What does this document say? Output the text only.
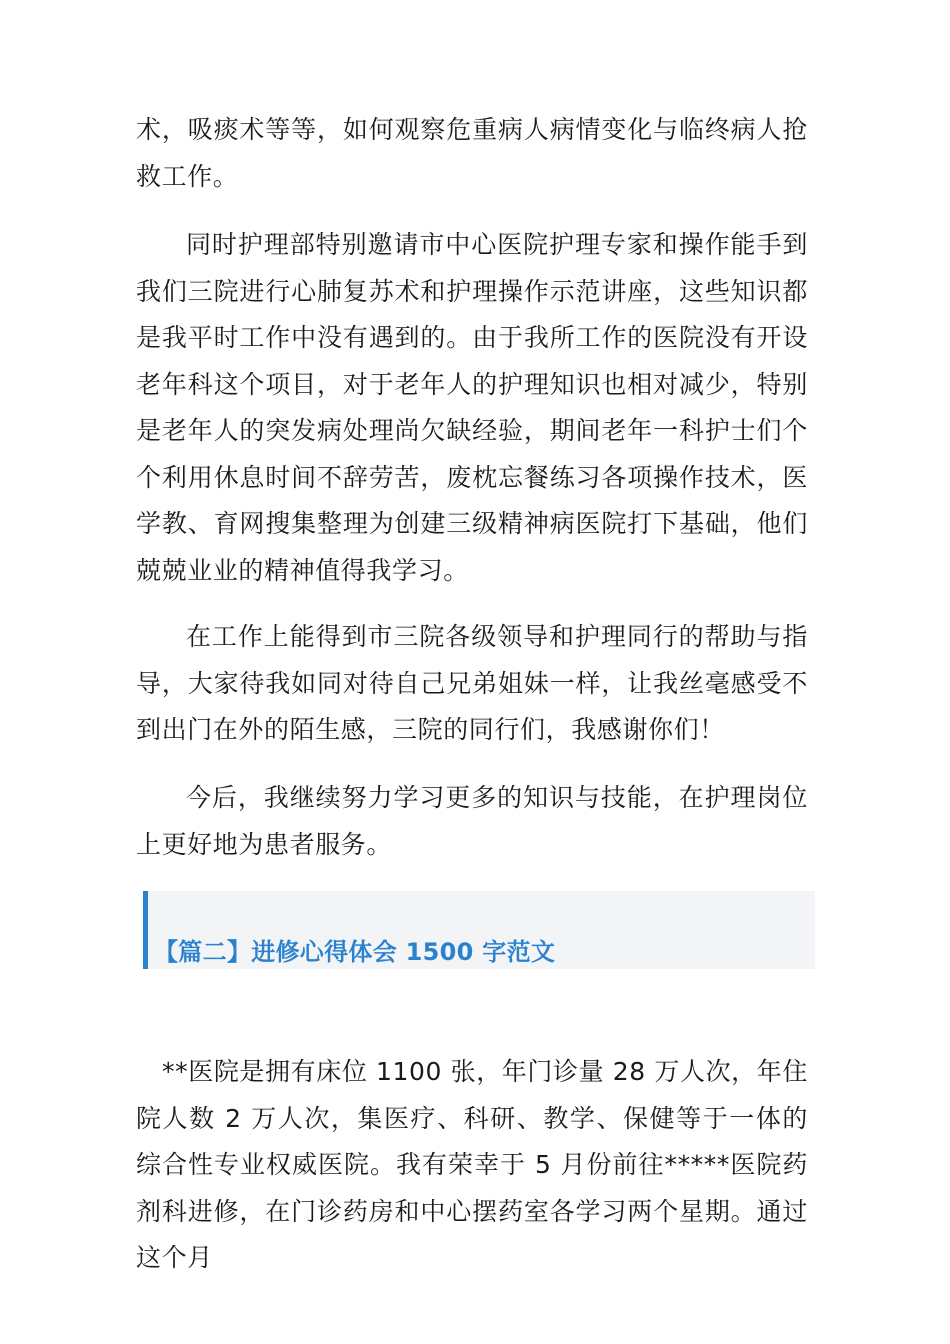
术，吸痰术等等，如何观察危重病人病情变化与临终病人抢救工作。

同时护理部特别邀请市中心医院护理专家和操作能手到我们三院进行心肺复苏术和护理操作示范讲座，这些知识都是我平时工作中没有遇到的。由于我所工作的医院没有开设老年科这个项目，对于老年人的护理知识也相对减少，特别是老年人的突发病处理尚欠缺经验，期间老年一科护士们个个利用休息时间不辞劳苦，废枕忘餐练习各项操作技术，医学教、育网搜集整理为创建三级精神病医院打下基础，他们兢兢业业的精神值得我学习。

在工作上能得到市三院各级领导和护理同行的帮助与指导，大家待我如同对待自己兄弟姐妹一样，让我丝毫感受不到出门在外的陌生感，三院的同行们，我感谢你们！

今后，我继续努力学习更多的知识与技能，在护理岗位上更好地为患者服务。

【篇二】进修心得体会 1500 字范文

**医院是拥有床位 1100 张，年门诊量 28 万人次，年住院人数 2 万人次，集医疗、科研、教学、保健等于一体的综合性专业权威医院。我有荣幸于 5 月份前往*****医院药剂科进修，在门诊药房和中心摆药室各学习两个星期。通过这个月
